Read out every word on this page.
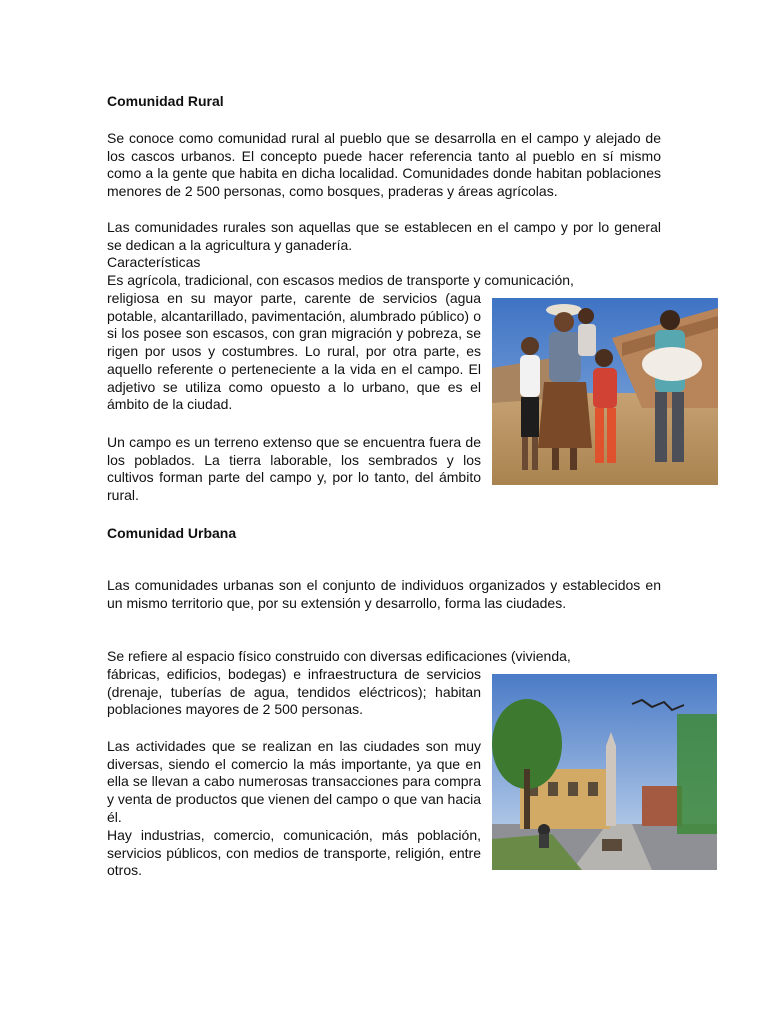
Comunidad Rural

Se conoce como comunidad rural al pueblo que se desarrolla en el campo y alejado de los cascos urbanos. El concepto puede hacer referencia tanto al pueblo en sí mismo como a la gente que habita en dicha localidad. Comunidades donde habitan poblaciones menores de 2 500 personas, como bosques, praderas y áreas agrícolas.

Las comunidades rurales son aquellas que se establecen en el campo y por lo general se dedican a la agricultura y ganadería.

Características

Es agrícola, tradicional, con escasos medios de transporte y comunicación,

religiosa en su mayor parte, carente de servicios (agua potable, alcantarillado, pavimentación, alumbrado público) o si los posee son escasos, con gran migración y pobreza, se rigen por usos y costumbres. Lo rural, por otra parte, es aquello referente o perteneciente a la vida en el campo. El adjetivo se utiliza como opuesto a lo urbano, que es el ámbito de la ciudad.

Un campo es un terreno extenso que se encuentra fuera de los poblados. La tierra laborable, los sembrados y los cultivos forman parte del campo y, por lo tanto, del ámbito rural.

Comunidad Urbana

Las comunidades urbanas son el conjunto de individuos organizados y establecidos en un mismo territorio que, por su extensión y desarrollo, forma las ciudades.

Se refiere al espacio físico construido con diversas edificaciones (vivienda,

fábricas, edificios, bodegas) e infraestructura de servicios (drenaje, tuberías de agua, tendidos eléctricos); habitan poblaciones mayores de 2 500 personas.

Las actividades que se realizan en las ciudades son muy diversas, siendo el comercio la más importante, ya que en ella se llevan a cabo numerosas transacciones para compra y venta de productos que vienen del campo o que van hacia él.

Hay industrias, comercio, comunicación, más población, servicios públicos, con medios de transporte, religión, entre otros.
